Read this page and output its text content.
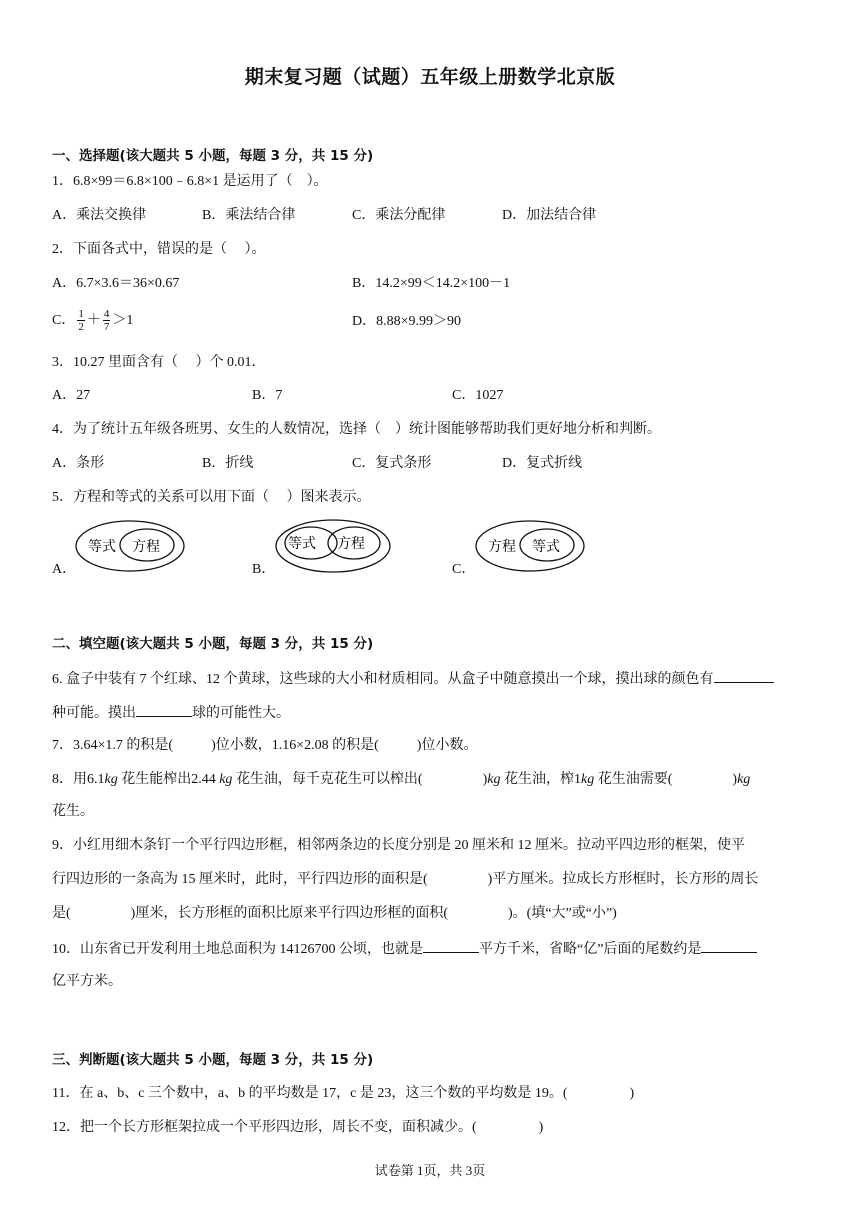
期末复习题（试题）五年级上册数学北京版
一、选择题(该大题共 5 小题，每题 3 分，共 15 分)
1．6.8×99＝6.8×100﹣6.8×1 是运用了（　）。
A．乘法交换律	B．乘法结合律	C．乘法分配律	D．加法结合律
2．下面各式中，错误的是（　 ）。
A．6.7×3.6＝36×0.67	B．14.2×99＜14.2×100－1
C． $\frac{1}{2} + \frac{4}{7} >1$	D．8.88×9.99＞90
3．10.27 里面含有（　 ）个 0.01．
A．27	B．7	C．1027
4．为了统计五年级各班男、女生的人数情况，选择（　）统计图能够帮助我们更好地分析和判断。
A．条形	B．折线	C．复式条形	D．复式折线
5．方程和等式的关系可以用下面（　 ）图来表示。
A．
等式 方程
B．
等式 方程
C．
方程 等式
二、填空题(该大题共 5 小题，每题 3 分，共 15 分)
6. 盒子中装有 7 个红球、12 个黄球，这些球的大小和材质相同。从盒子中随意摸出一个球，摸出球的颜色有
种可能。摸出	球的可能性大。
7．3.64×1.7 的积是(	)位小数，1.16×2.08 的积是(	)位小数。
8．用6.1kg 花生能榨出2.44 kg 花生油，每千克花生可以榨出(	)kg 花生油，榨1kg 花生油需要(	)kg
花生。
9．小红用细木条钉一个平行四边形框，相邻两条边的长度分别是 20 厘米和 12 厘米。拉动平四边形的框架，使平
行四边形的一条高为 15 厘米时，此时，平行四边形的面积是(	)平方厘米。拉成长方形框时，长方形的周长
是(	)厘米，长方形框的面积比原来平行四边形框的面积(	)。(填“大”或“小”)
10．山东省已开发利用土地总面积为 14126700 公顷，也就是	平方千米，省略“亿”后面的尾数约是
亿平方米。
三、判断题(该大题共 5 小题，每题 3 分，共 15 分)
11．在 a、b、c 三个数中，a、b 的平均数是 17，c 是 23，这三个数的平均数是 19。(	)
12．把一个长方形框架拉成一个平形四边形，周长不变，面积减少。(	)
试卷第 1页，共 3页
